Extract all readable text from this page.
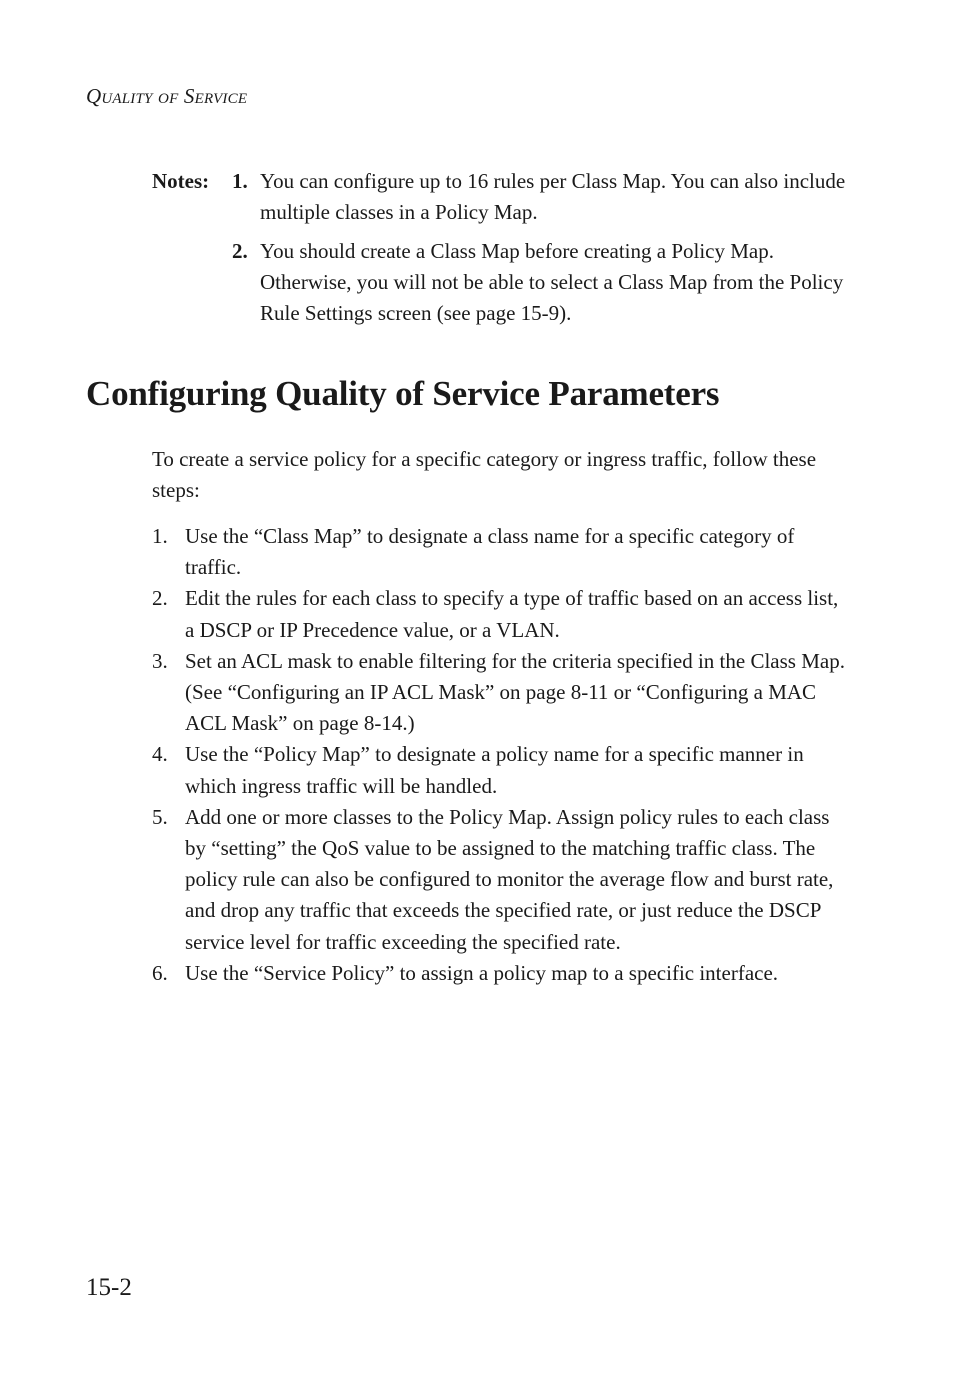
QUALITY OF SERVICE
Notes:	1. You can configure up to 16 rules per Class Map. You can also include multiple classes in a Policy Map.
2. You should create a Class Map before creating a Policy Map. Otherwise, you will not be able to select a Class Map from the Policy Rule Settings screen (see page 15-9).
Configuring Quality of Service Parameters

To create a service policy for a specific category or ingress traffic, follow these steps:

1. Use the “Class Map” to designate a class name for a specific category of traffic.
2. Edit the rules for each class to specify a type of traffic based on an access list, a DSCP or IP Precedence value, or a VLAN.
3. Set an ACL mask to enable filtering for the criteria specified in the Class Map. (See “Configuring an IP ACL Mask” on page 8-11 or “Configuring a MAC ACL Mask” on page 8-14.)
4. Use the “Policy Map” to designate a policy name for a specific manner in which ingress traffic will be handled.
5. Add one or more classes to the Policy Map. Assign policy rules to each class by “setting” the QoS value to be assigned to the matching traffic class. The policy rule can also be configured to monitor the average flow and burst rate, and drop any traffic that exceeds the specified rate, or just reduce the DSCP service level for traffic exceeding the specified rate.
6. Use the “Service Policy” to assign a policy map to a specific interface.
15-2
